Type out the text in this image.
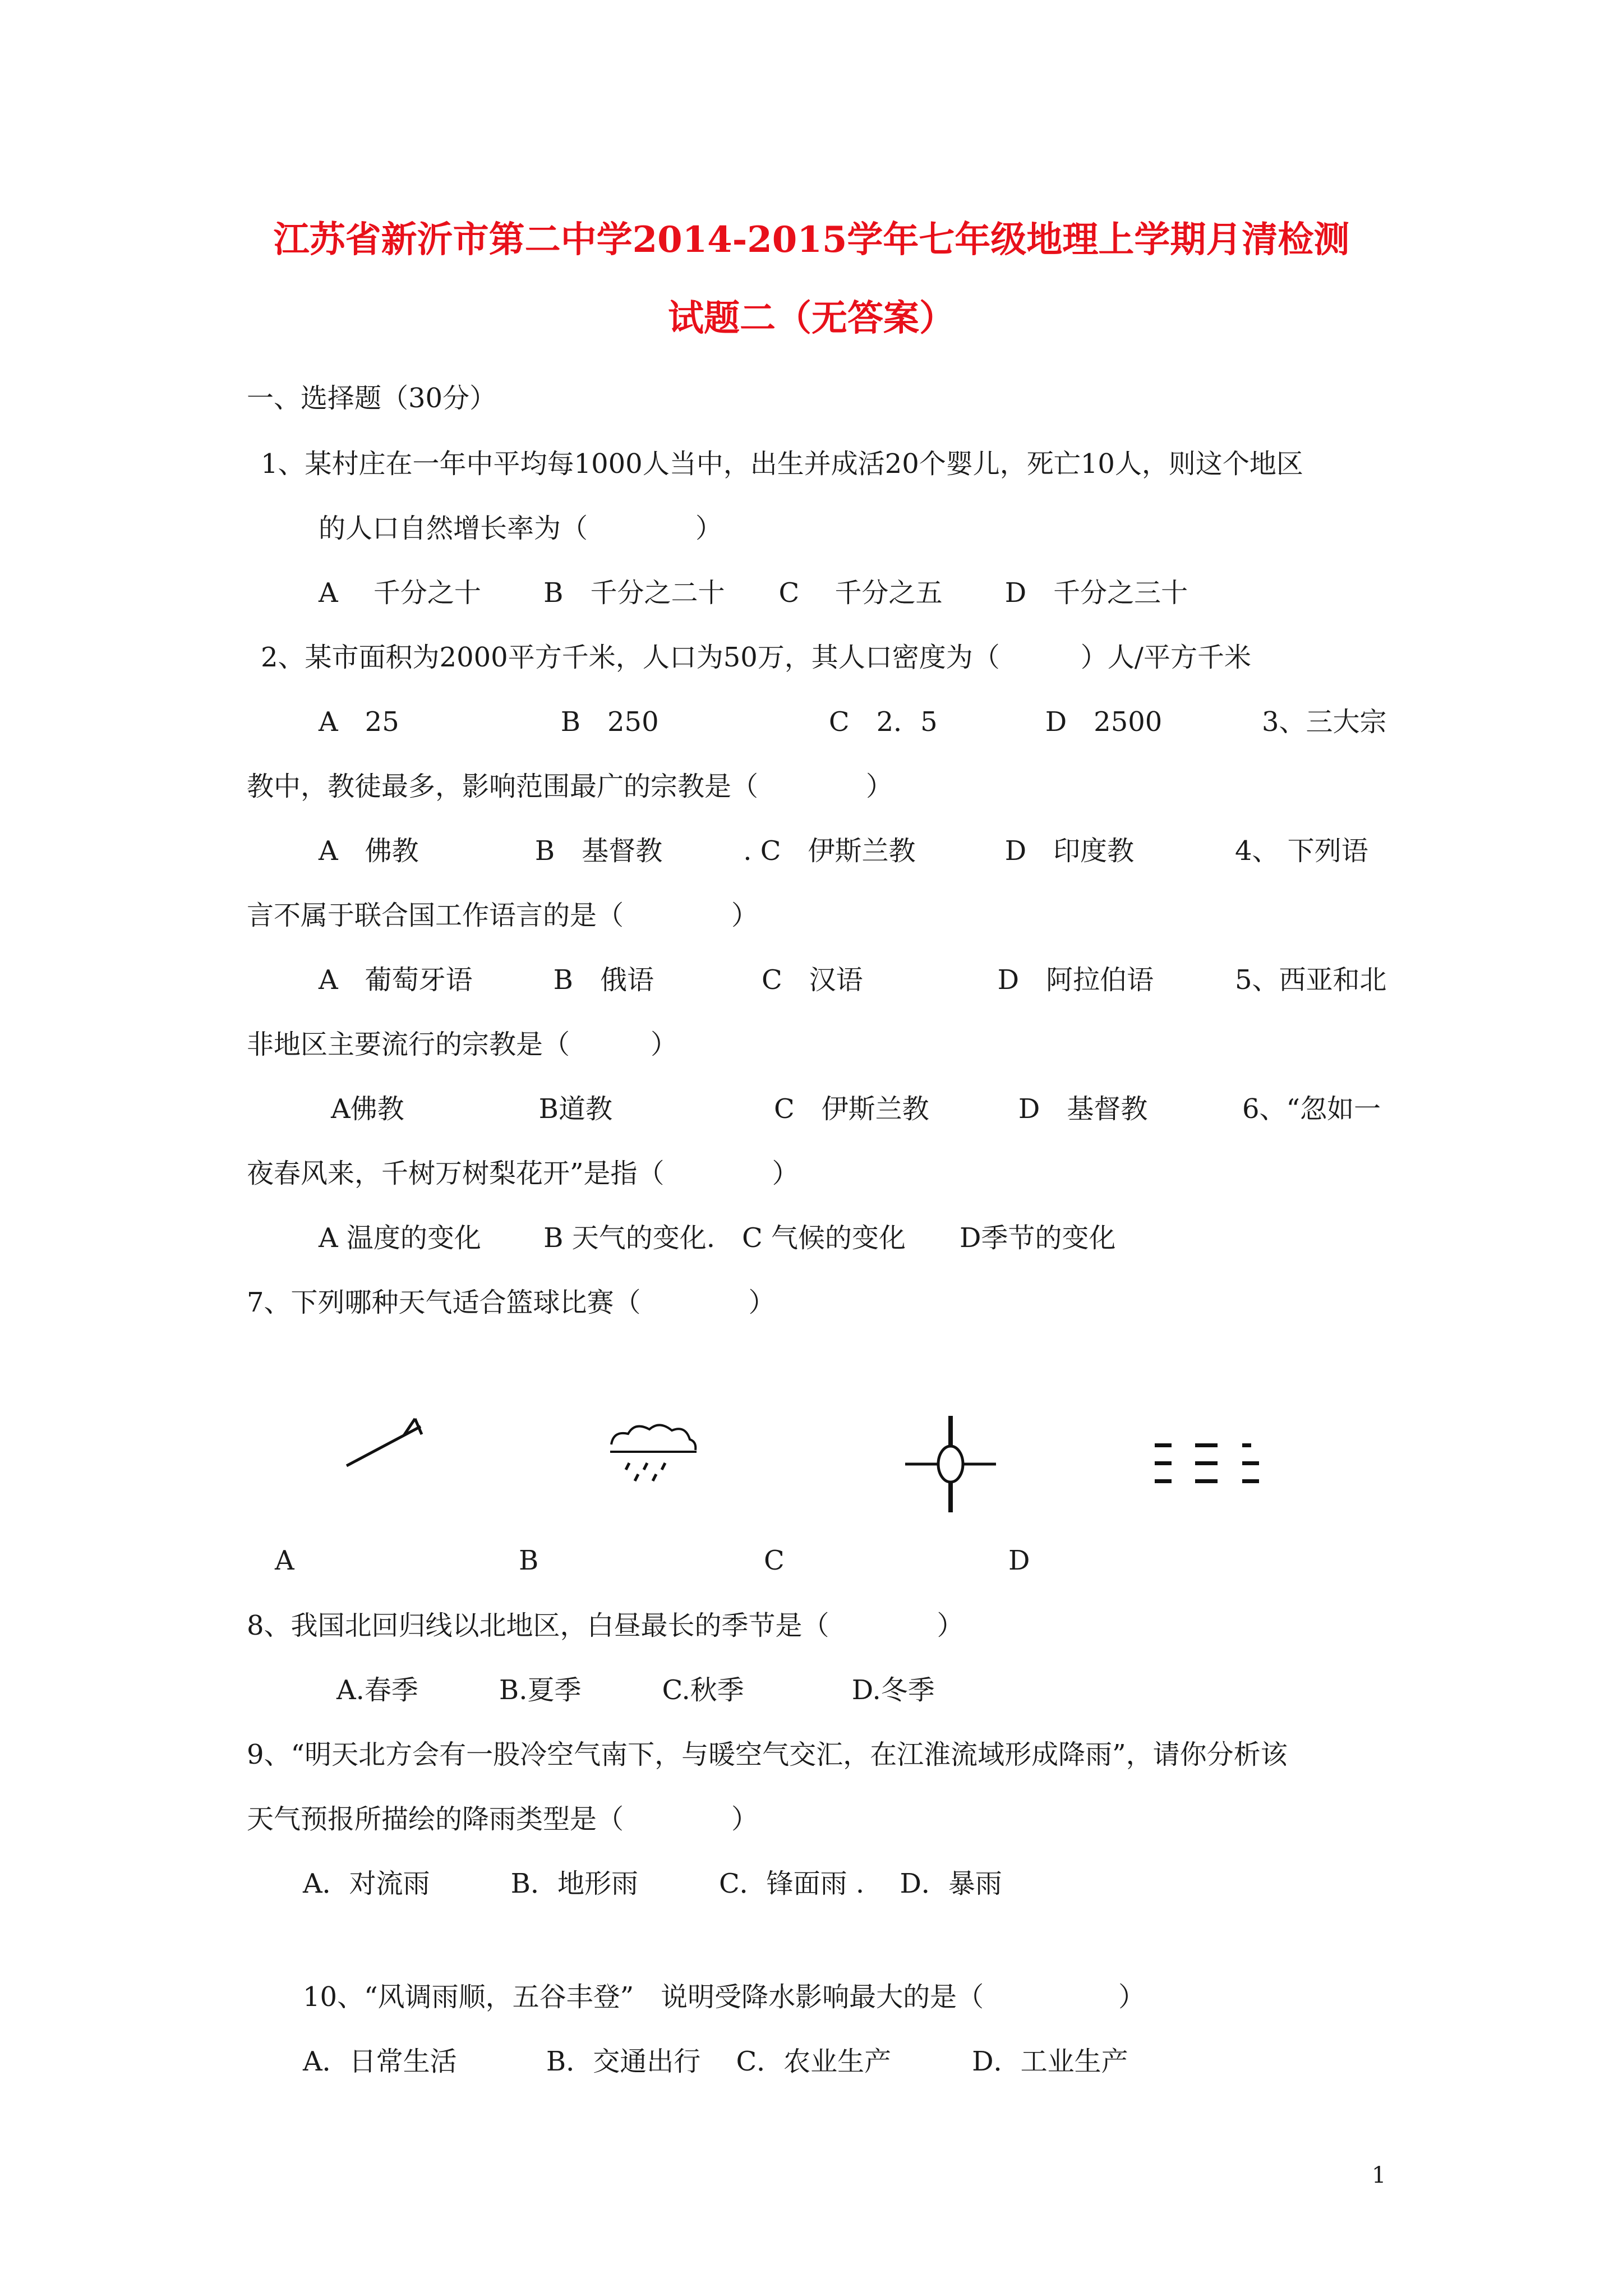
江苏省新沂市第二中学2014-2015学年七年级地理上学期月清检测
试题二（无答案）
一、选择题（30分）
1、某村庄在一年中平均每1000人当中，出生并成活20个婴儿，死亡10人，则这个地区
的人口自然增长率为（　　　　）
A　 千分之十　　 B　千分之二十　　C　 千分之五　　 D　千分之三十
2、某市面积为2000平方千米，人口为50万，其人口密度为（　　　）人/平方千米
A　25　　　　　　B　250　　　　　　 C　2．5　　　　D　2500	3、三大宗
教中，教徒最多，影响范围最广的宗教是（　　　　）
A　佛教　　　　 B　基督教　　　. C　伊斯兰教　　　 D　印度教	4、 下列语
言不属于联合国工作语言的是（　　　　）
A　葡萄牙语　　　B　俄语　　　　C　汉语　　　　　D　阿拉伯语	5、西亚和北
非地区主要流行的宗教是（　　　）
A佛教　　　　　B道教　　　　　　C　伊斯兰教　　　 D　基督教	6、“忽如一
夜春风来，千树万树梨花开”是指（　　　　）
A 温度的变化　　 B 天气的变化.　C 气候的变化　　D季节的变化
7、下列哪种天气适合篮球比赛（　　　　）
A	B	C	D
8、我国北回归线以北地区，白昼最长的季节是（　　　　）
A.春季　　　B.夏季　　　C.秋季　　　　D.冬季
9、“明天北方会有一股冷空气南下，与暖空气交汇，在江淮流域形成降雨”，请你分析该
天气预报所描绘的降雨类型是（　　　　）
A．对流雨　　　B．地形雨　　　C．锋面雨 .　 D．暴雨
10、“风调雨顺，五谷丰登”　说明受降水影响最大的是（　　　　　）
A．日常生活　　　 B．交通出行　 C．农业生产　　　D．工业生产
1
